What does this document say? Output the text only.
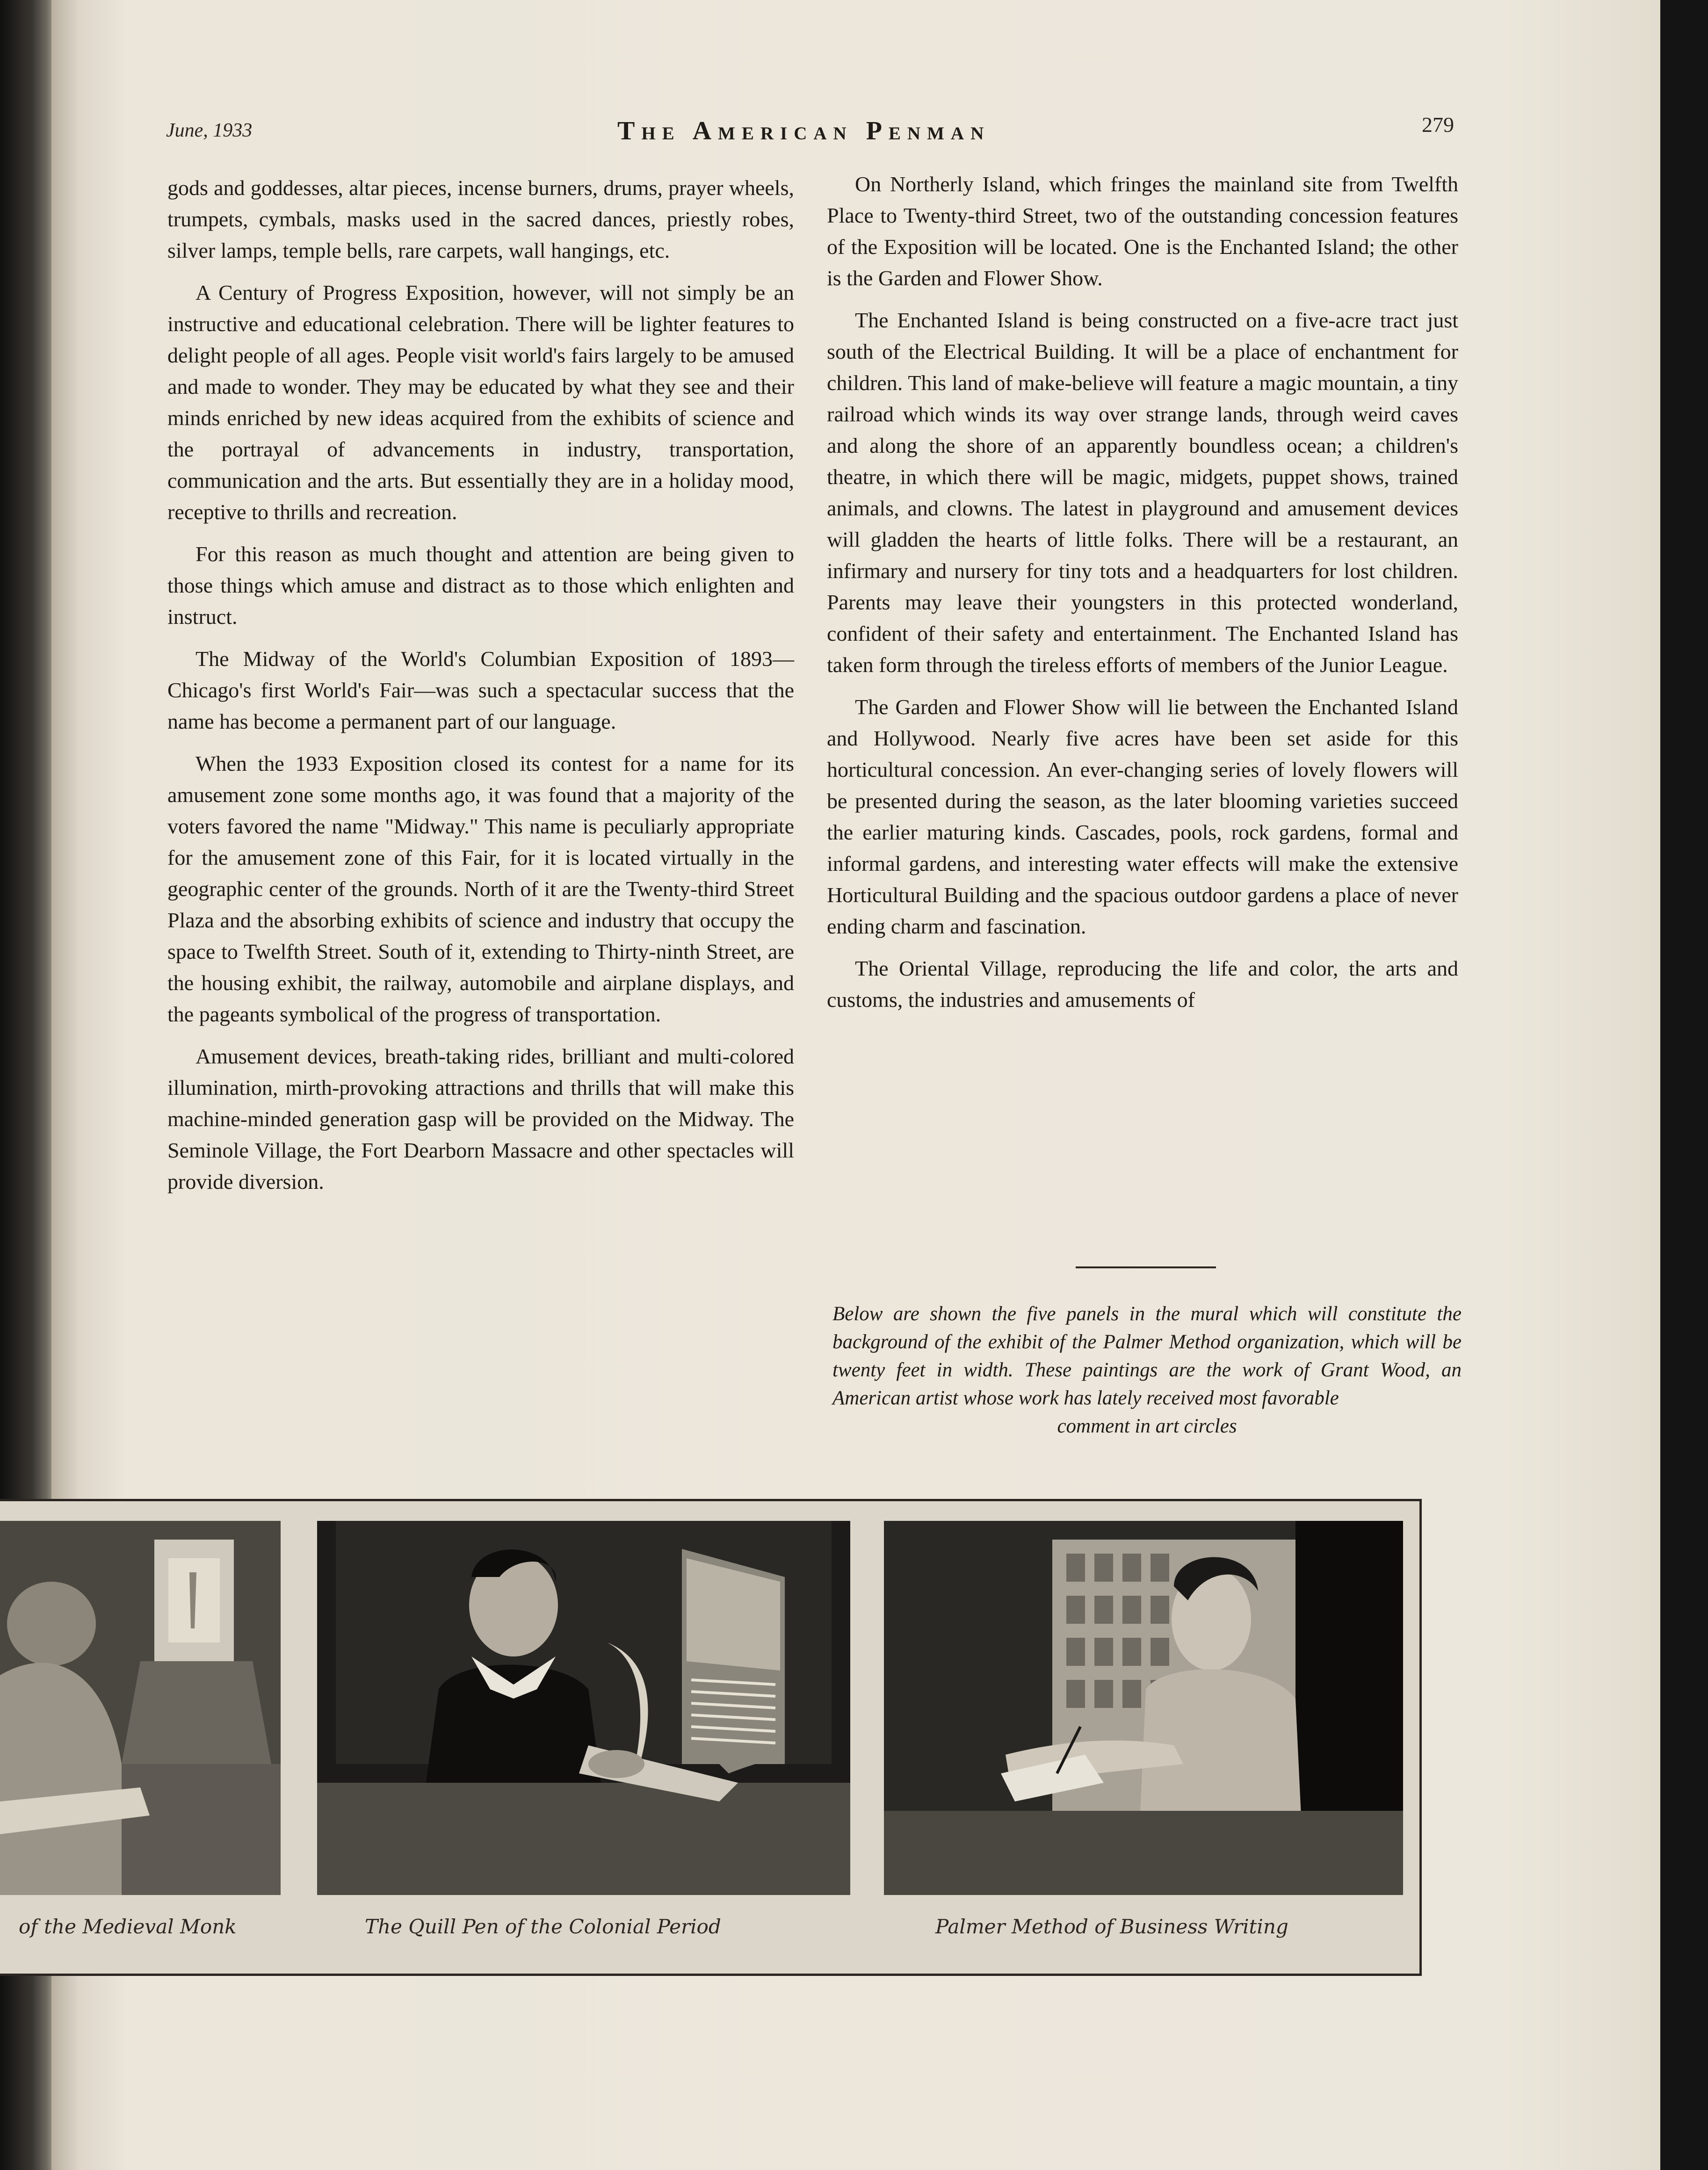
June, 1933	The American Penman	279

gods and goddesses, altar pieces, incense burners, drums, prayer wheels, trumpets, cymbals, masks used in the sacred dances, priestly robes, silver lamps, temple bells, rare carpets, wall hangings, etc.

A Century of Progress Exposition, however, will not simply be an instructive and educational celebration. There will be lighter features to delight people of all ages. People visit world's fairs largely to be amused and made to wonder. They may be educated by what they see and their minds enriched by new ideas acquired from the exhibits of science and the portrayal of advancements in industry, transportation, communication and the arts. But essentially they are in a holiday mood, receptive to thrills and recreation.

For this reason as much thought and attention are being given to those things which amuse and distract as to those which enlighten and instruct.

The Midway of the World's Columbian Exposition of 1893—Chicago's first World's Fair—was such a spectacular success that the name has become a permanent part of our language.

When the 1933 Exposition closed its contest for a name for its amusement zone some months ago, it was found that a majority of the voters favored the name "Midway." This name is peculiarly appropriate for the amusement zone of this Fair, for it is located virtually in the geographic center of the grounds. North of it are the Twenty-third Street Plaza and the absorbing exhibits of science and industry that occupy the space to Twelfth Street. South of it, extending to Thirty-ninth Street, are the housing exhibit, the railway, automobile and airplane displays, and the pageants symbolical of the progress of transportation.

Amusement devices, breath-taking rides, brilliant and multi-colored illumination, mirth-provoking attractions and thrills that will make this machine-minded generation gasp will be provided on the Midway. The Seminole Village, the Fort Dearborn Massacre and other spectacles will provide diversion.

On Northerly Island, which fringes the mainland site from Twelfth Place to Twenty-third Street, two of the outstanding concession features of the Exposition will be located. One is the Enchanted Island; the other is the Garden and Flower Show.

The Enchanted Island is being constructed on a five-acre tract just south of the Electrical Building. It will be a place of enchantment for children. This land of make-believe will feature a magic mountain, a tiny railroad which winds its way over strange lands, through weird caves and along the shore of an apparently boundless ocean; a children's theatre, in which there will be magic, midgets, puppet shows, trained animals, and clowns. The latest in playground and amusement devices will gladden the hearts of little folks. There will be a restaurant, an infirmary and nursery for tiny tots and a headquarters for lost children. Parents may leave their youngsters in this protected wonderland, confident of their safety and entertainment. The Enchanted Island has taken form through the tireless efforts of members of the Junior League.

The Garden and Flower Show will lie between the Enchanted Island and Hollywood. Nearly five acres have been set aside for this horticultural concession. An ever-changing series of lovely flowers will be presented during the season, as the later blooming varieties succeed the earlier maturing kinds. Cascades, pools, rock gardens, formal and informal gardens, and interesting water effects will make the extensive Horticultural Building and the spacious outdoor gardens a place of never ending charm and fascination.

The Oriental Village, reproducing the life and color, the arts and customs, the industries and amusements of

Below are shown the five panels in the mural which will constitute the background of the exhibit of the Palmer Method organization, which will be twenty feet in width. These paintings are the work of Grant Wood, an American artist whose work has lately received most favorable
comment in art circles
of the Medieval Monk	The Quill Pen of the Colonial Period	Palmer Method of Business Writing
